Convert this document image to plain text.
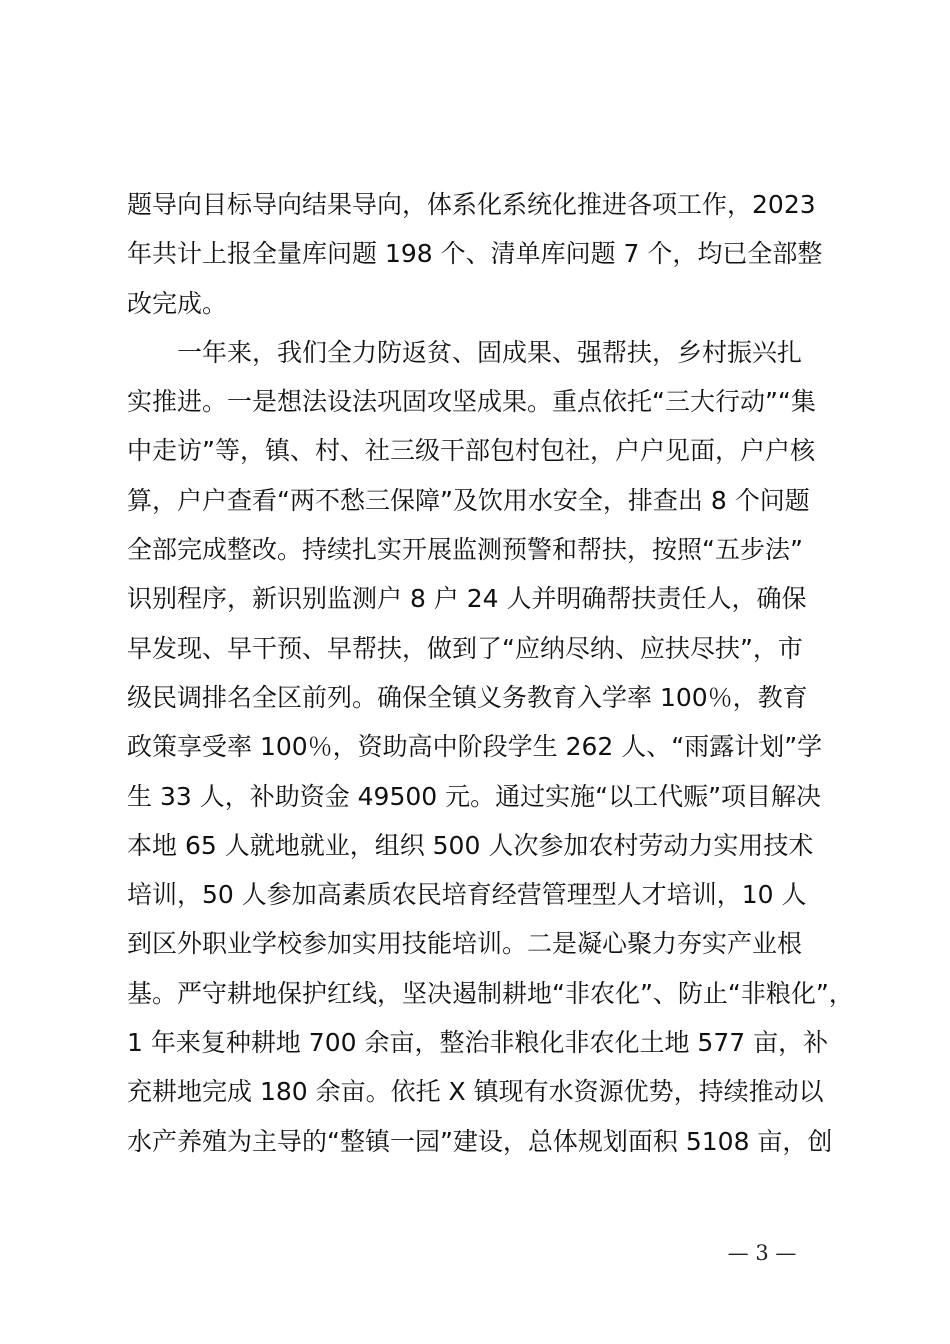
题导向目标导向结果导向，体系化系统化推进各项工作，2023
年共计上报全量库问题 198 个、清单库问题 7 个，均已全部整
改完成。
　　一年来，我们全力防返贫、固成果、强帮扶，乡村振兴扎
实推进。一是想法设法巩固攻坚成果。重点依托“三大行动”“集
中走访”等，镇、村、社三级干部包村包社，户户见面，户户核
算，户户查看“两不愁三保障”及饮用水安全，排查出 8 个问题
全部完成整改。持续扎实开展监测预警和帮扶，按照“五步法”
识别程序，新识别监测户 8 户 24 人并明确帮扶责任人，确保
早发现、早干预、早帮扶，做到了“应纳尽纳、应扶尽扶”，市
级民调排名全区前列。确保全镇义务教育入学率 100％，教育
政策享受率 100％，资助高中阶段学生 262 人、“雨露计划”学
生 33 人，补助资金 49500 元。通过实施“以工代赈”项目解决
本地 65 人就地就业，组织 500 人次参加农村劳动力实用技术
培训，50 人参加高素质农民培育经营管理型人才培训，10 人
到区外职业学校参加实用技能培训。二是凝心聚力夯实产业根
基。严守耕地保护红线，坚决遏制耕地“非农化”、防止“非粮化”，
1 年来复种耕地 700 余亩，整治非粮化非农化土地 577 亩，补
充耕地完成 180 余亩。依托 X 镇现有水资源优势，持续推动以
水产养殖为主导的“整镇一园”建设，总体规划面积 5108 亩，创
— 3 —
